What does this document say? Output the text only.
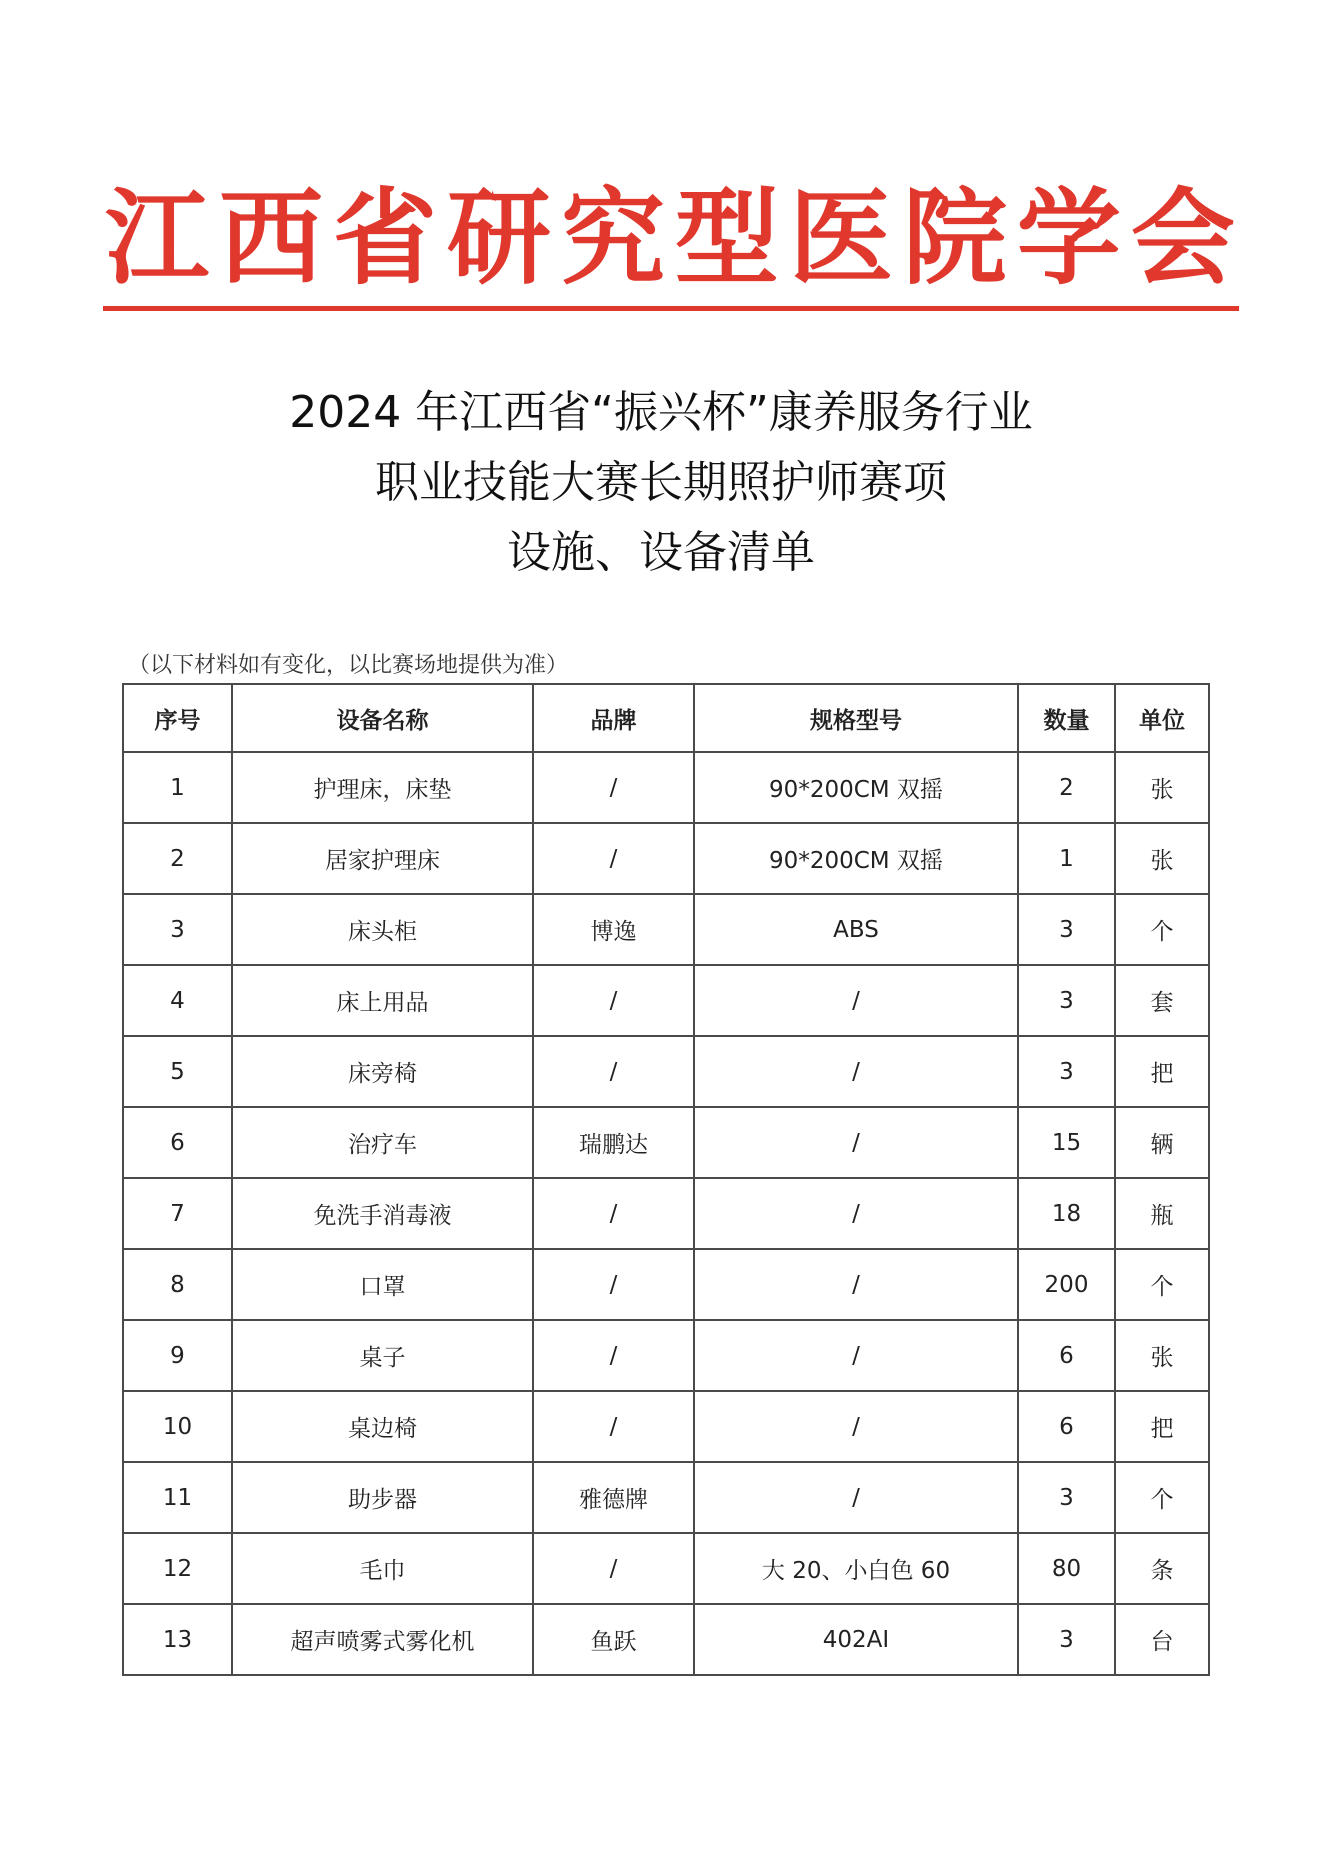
江 西 省 研 究 型 医 院 学 会
2024 年江西省“振兴杯”康养服务行业
职业技能大赛长期照护师赛项
设施、设备清单
（以下材料如有变化，以比赛场地提供为准）
序号	设备名称	品牌	规格型号	数量	单位
1	护理床，床垫	/	90*200CM 双摇	2	张
2	居家护理床	/	90*200CM 双摇	1	张
3	床头柜	博逸	ABS	3	个
4	床上用品	/	/	3	套
5	床旁椅	/	/	3	把
6	治疗车	瑞鹏达	/	15	辆
7	免洗手消毒液	/	/	18	瓶
8	口罩	/	/	200	个
9	桌子	/	/	6	张
10	桌边椅	/	/	6	把
11	助步器	雅德牌	/	3	个
12	毛巾	/	大 20、小白色 60	80	条
13	超声喷雾式雾化机	鱼跃	402AI	3	台
